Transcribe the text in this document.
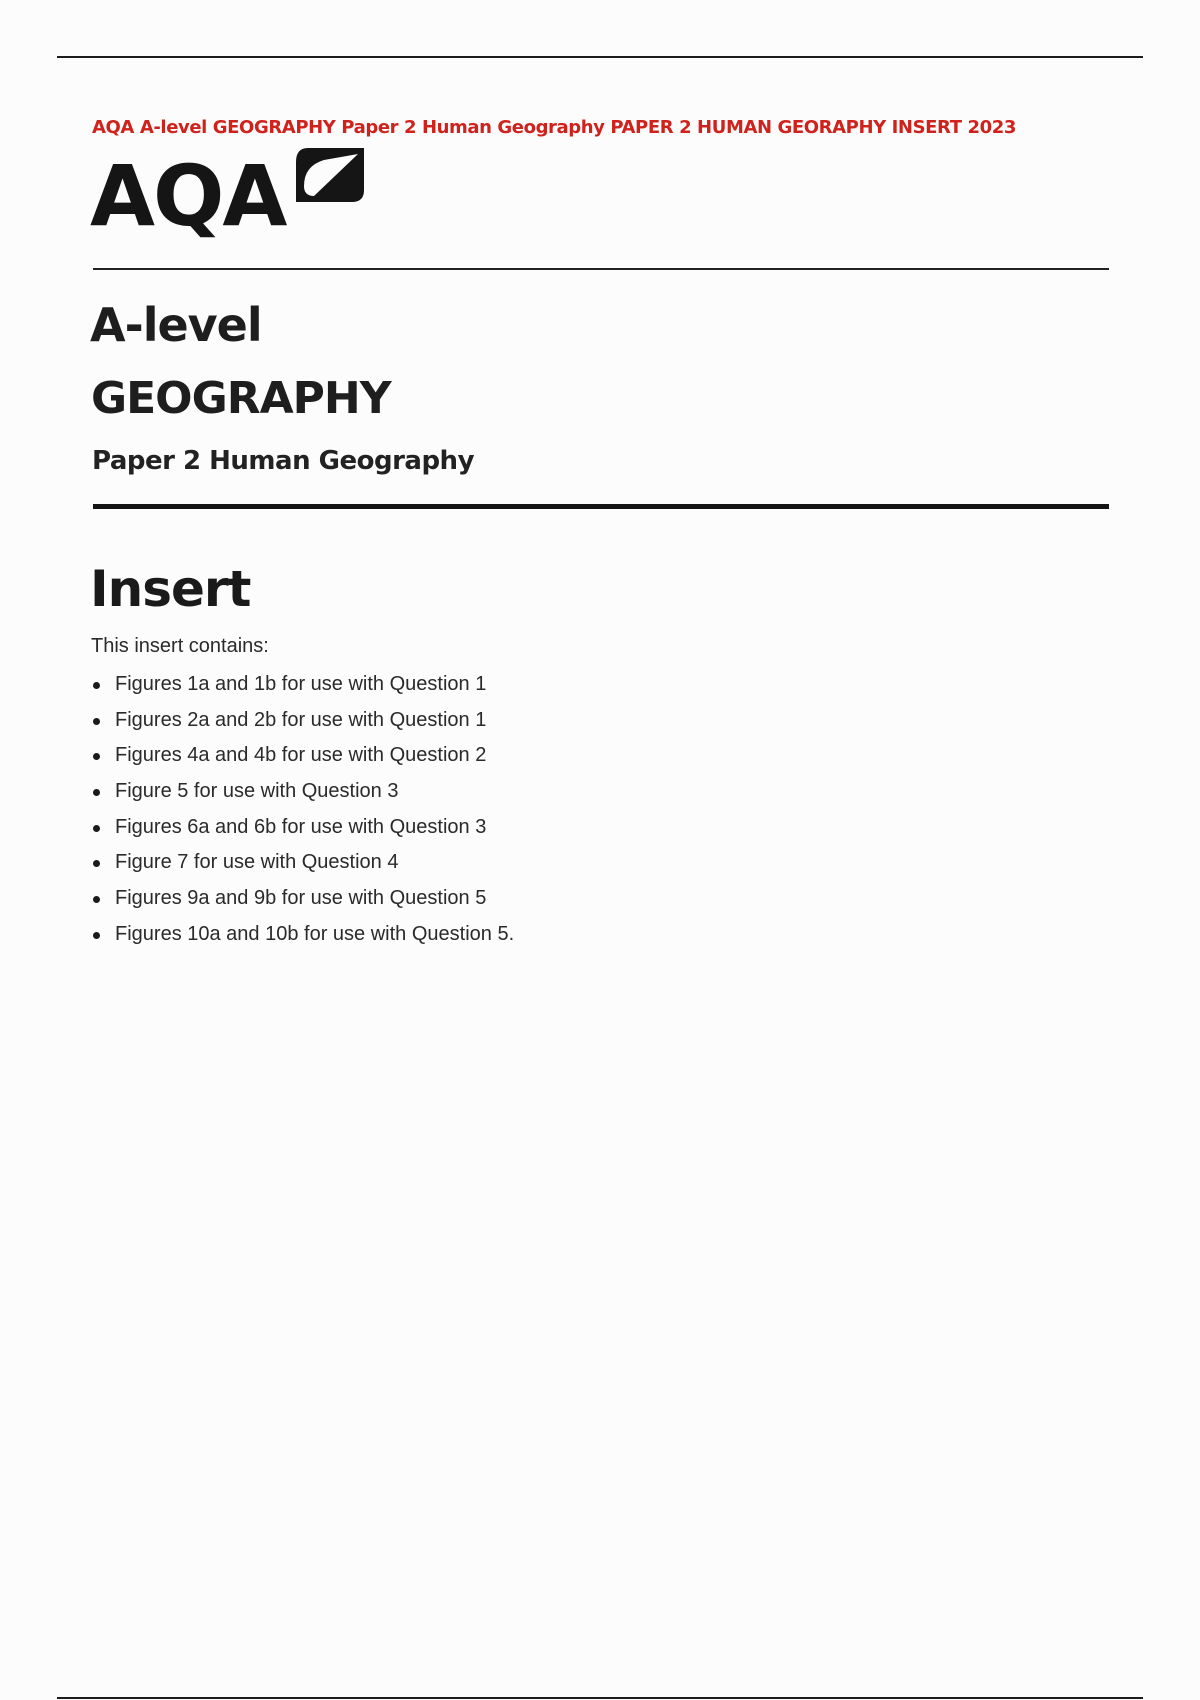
AQA A-level GEOGRAPHY Paper 2 Human Geography PAPER 2 HUMAN GEORAPHY INSERT 2023
AQA
A-level
GEOGRAPHY
Paper 2 Human Geography
Insert
This insert contains:
Figures 1a and 1b for use with Question 1
Figures 2a and 2b for use with Question 1
Figures 4a and 4b for use with Question 2
Figure 5 for use with Question 3
Figures 6a and 6b for use with Question 3
Figure 7 for use with Question 4
Figures 9a and 9b for use with Question 5
Figures 10a and 10b for use with Question 5.
